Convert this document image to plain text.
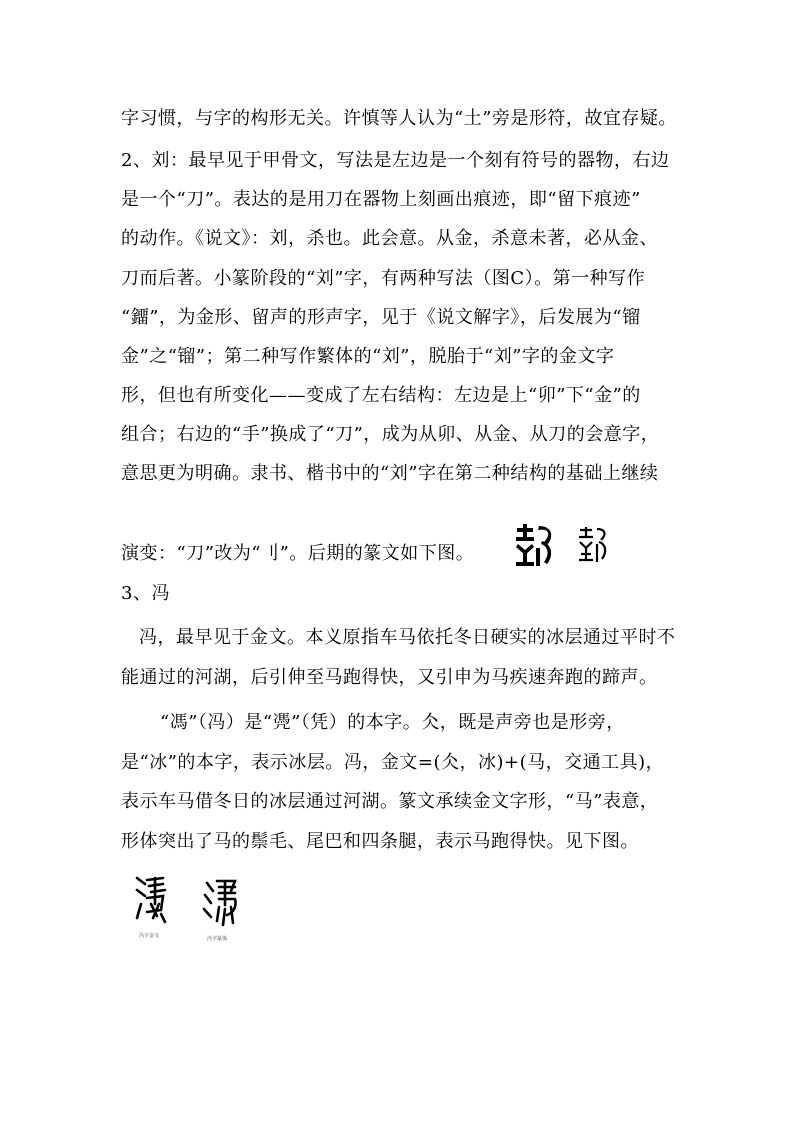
字习惯，与字的构形无关。许慎等人认为“土”旁是形符，故宜存疑。
2、刘：最早见于甲骨文，写法是左边是一个刻有符号的器物，右边
是一个“刀”。表达的是用刀在器物上刻画出痕迹，即“留下痕迹”
的动作。《说文》：刘，杀也。此会意。从金，杀意未著，必从金、
刀而后著。小篆阶段的“刘”字，有两种写法（图C）。第一种写作
“鐂”，为金形、留声的形声字，见于《说文解字》，后发展为“镏
金”之“镏”；第二种写作繁体的“刘”，脱胎于“刘”字的金文字
形，但也有所变化——变成了左右结构：左边是上“卯”下“金”的
组合；右边的“手”换成了“刀”，成为从卯、从金、从刀的会意字，
意思更为明确。隶书、楷书中的“刘”字在第二种结构的基础上继续
演变：“刀”改为“刂”。后期的篆文如下图。	·
3、冯
冯，最早见于金文。本义原指车马依托冬日硬实的冰层通过平时不
能通过的河湖，后引伸至马跑得快，又引申为马疾速奔跑的蹄声。
“馮”（冯）是“凴”（凭）的本字。仌，既是声旁也是形旁，
是“冰”的本字，表示冰层。冯，金文=(仌，冰)+(马，交通工具)，
表示车马借冬日的冰层通过河湖。篆文承续金文字形，“马”表意，
形体突出了马的鬃毛、尾巴和四条腿，表示马跑得快。见下图。
冯字金文	冯字篆体
